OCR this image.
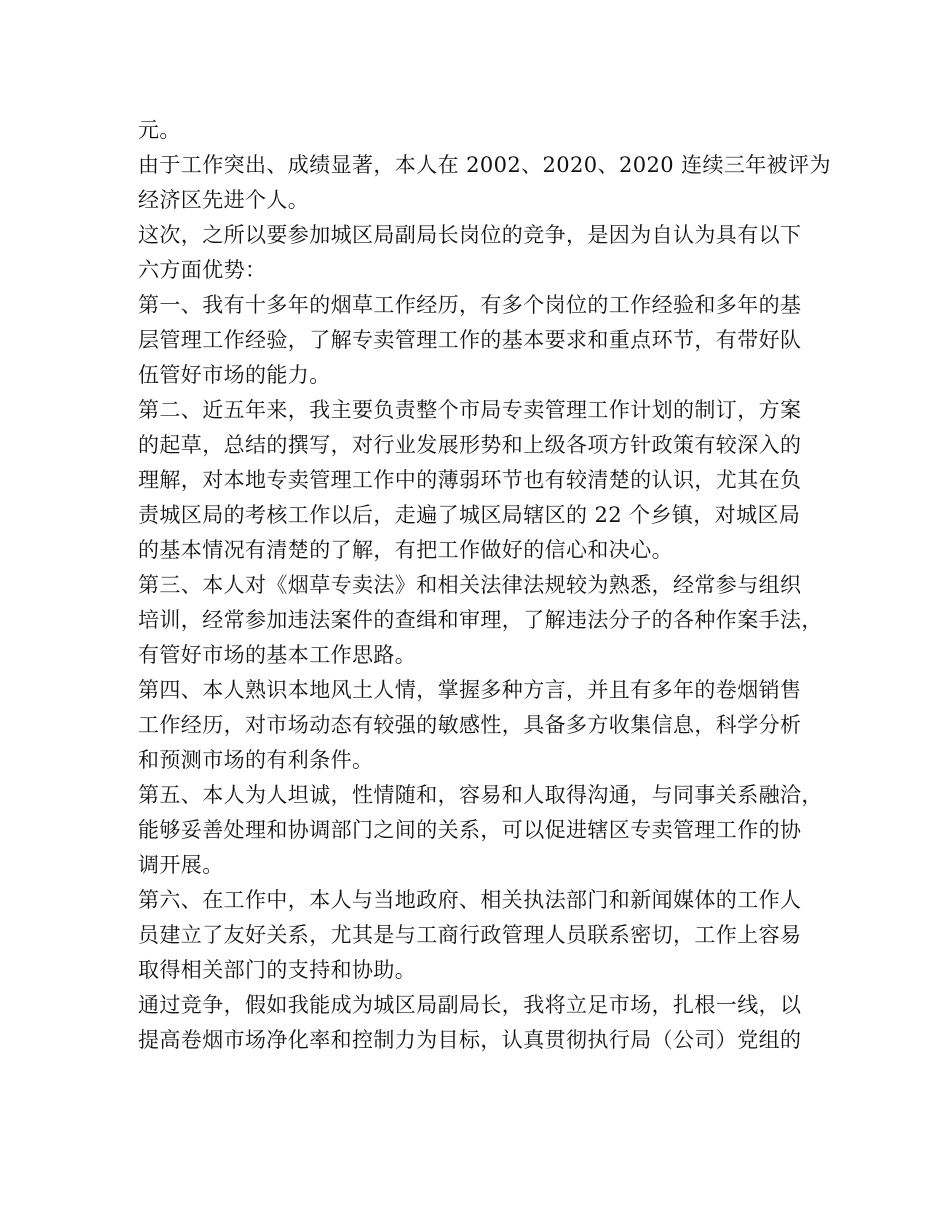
元。
由于工作突出、成绩显著，本人在 2002、2020、2020 连续三年被评为
经济区先进个人。
这次，之所以要参加城区局副局长岗位的竞争，是因为自认为具有以下
六方面优势：
第一、我有十多年的烟草工作经历，有多个岗位的工作经验和多年的基
层管理工作经验，了解专卖管理工作的基本要求和重点环节，有带好队
伍管好市场的能力。
第二、近五年来，我主要负责整个市局专卖管理工作计划的制订，方案
的起草，总结的撰写，对行业发展形势和上级各项方针政策有较深入的
理解，对本地专卖管理工作中的薄弱环节也有较清楚的认识，尤其在负
责城区局的考核工作以后，走遍了城区局辖区的 22 个乡镇，对城区局
的基本情况有清楚的了解，有把工作做好的信心和决心。
第三、本人对《烟草专卖法》和相关法律法规较为熟悉，经常参与组织
培训，经常参加违法案件的查缉和审理，了解违法分子的各种作案手法，
有管好市场的基本工作思路。
第四、本人熟识本地风土人情，掌握多种方言，并且有多年的卷烟销售
工作经历，对市场动态有较强的敏感性，具备多方收集信息，科学分析
和预测市场的有利条件。
第五、本人为人坦诚，性情随和，容易和人取得沟通，与同事关系融洽，
能够妥善处理和协调部门之间的关系，可以促进辖区专卖管理工作的协
调开展。
第六、在工作中，本人与当地政府、相关执法部门和新闻媒体的工作人
员建立了友好关系，尤其是与工商行政管理人员联系密切，工作上容易
取得相关部门的支持和协助。
通过竞争，假如我能成为城区局副局长，我将立足市场，扎根一线，以
提高卷烟市场净化率和控制力为目标，认真贯彻执行局（公司）党组的
